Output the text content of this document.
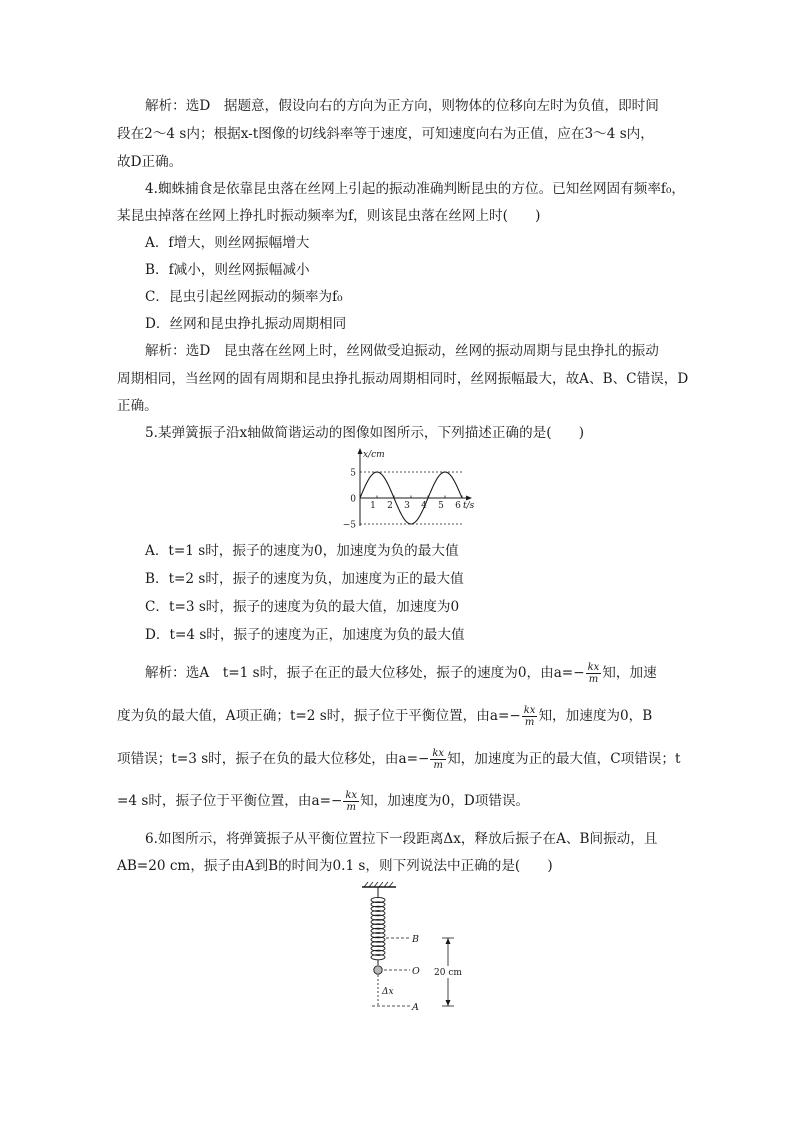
解析：选D　据题意，假设向右的方向为正方向，则物体的位移向左时为负值，即时间
段在2～4 s内；根据x-t图像的切线斜率等于速度，可知速度向右为正值，应在3～4 s内，
故D正确。
4.蜘蛛捕食是依靠昆虫落在丝网上引起的振动准确判断昆虫的方位。已知丝网固有频率f₀，
某昆虫掉落在丝网上挣扎时振动频率为f，则该昆虫落在丝网上时(　　)
A．f增大，则丝网振幅增大
B．f减小，则丝网振幅减小
C．昆虫引起丝网振动的频率为f₀
D．丝网和昆虫挣扎振动周期相同
解析：选D　昆虫落在丝网上时，丝网做受迫振动，丝网的振动周期与昆虫挣扎的振动
周期相同，当丝网的固有周期和昆虫挣扎振动周期相同时，丝网振幅最大，故A、B、C错误，D
正确。
5.某弹簧振子沿x轴做简谐运动的图像如图所示，下列描述正确的是(　　)
x/cm
t/s
5
0
−5
1 2 3 4 5 6
A．t=1 s时，振子的速度为0，加速度为负的最大值
B．t=2 s时，振子的速度为负，加速度为正的最大值
C．t=3 s时，振子的速度为负的最大值，加速度为0
D．t=4 s时，振子的速度为正，加速度为负的最大值
解析：选A　t=1 s时，振子在正的最大位移处，振子的速度为0，由$a=- \frac{kx}{m}$ 知，加速
度为负的最大值，A项正确；t=2 s时，振子位于平衡位置，由$a=- \frac{kx}{m}$ 知，加速度为0，B
项错误；t=3 s时，振子在负的最大位移处，由$a=- \frac{kx}{m}$ 知，加速度为正的最大值，C项错误；t
=4 s时，振子位于平衡位置，由$a=- \frac{kx}{m}$ 知，加速度为0，D项错误。
6.如图所示，将弹簧振子从平衡位置拉下一段距离Δx，释放后振子在A、B间振动，且
AB=20 cm，振子由A到B的时间为0.1 s，则下列说法中正确的是(　　)
B
O
Δx
A
20 cm
